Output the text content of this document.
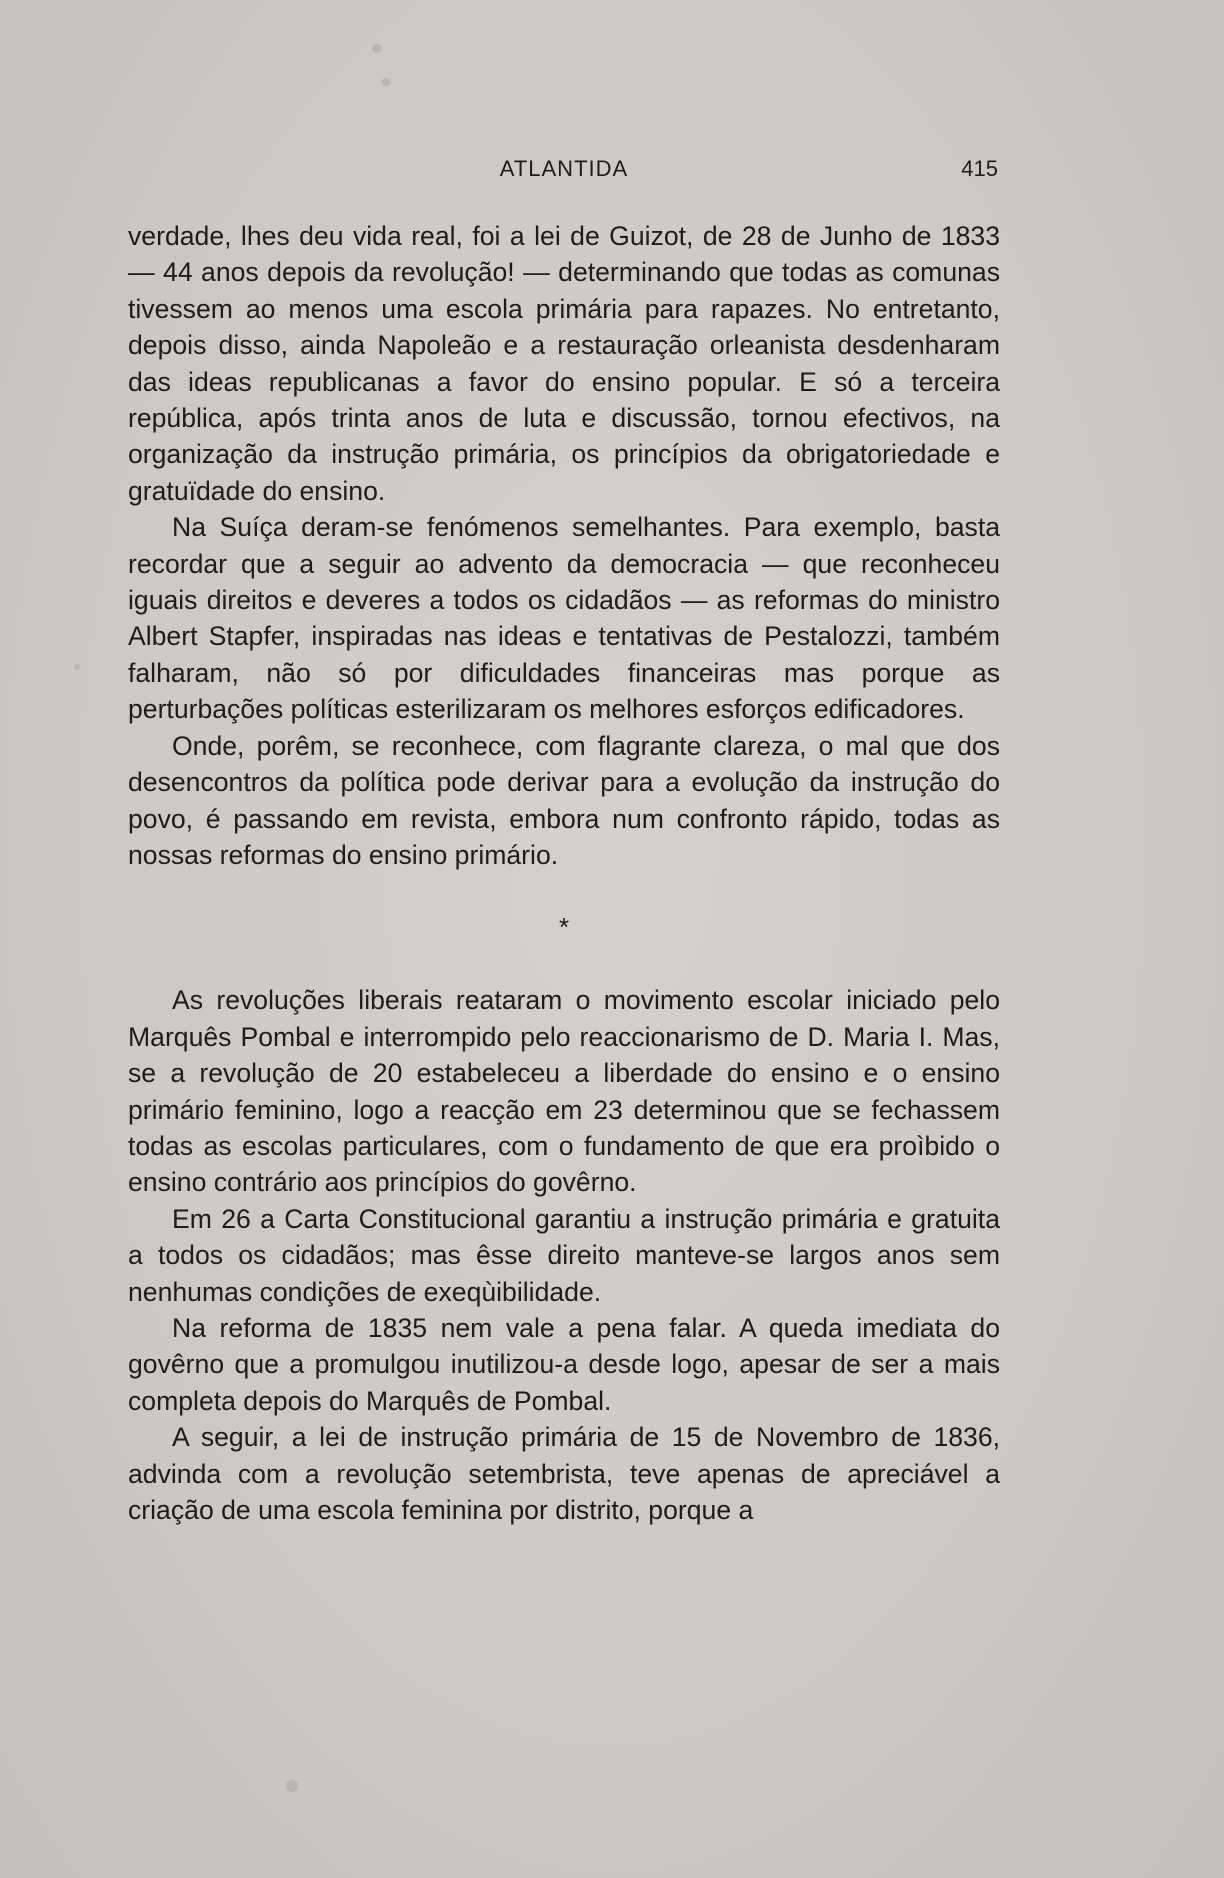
ATLANTIDA	415

verdade, lhes deu vida real, foi a lei de Guizot, de 28 de Junho de 1833 — 44 anos depois da revolução! — determinando que todas as comunas tivessem ao menos uma escola primária para rapazes. No entretanto, depois disso, ainda Napoleão e a restauração orleanista desdenharam das ideas republicanas a favor do ensino popular. E só a terceira república, após trinta anos de luta e discussão, tornou efectivos, na organização da instrução primária, os princípios da obrigatoriedade e gratuïdade do ensino.

Na Suíça deram-se fenómenos semelhantes. Para exemplo, basta recordar que a seguir ao advento da democracia — que reconheceu iguais direitos e deveres a todos os cidadãos — as reformas do ministro Albert Stapfer, inspiradas nas ideas e tentativas de Pestalozzi, também falharam, não só por dificuldades financeiras mas porque as perturbações políticas esterilizaram os melhores esforços edificadores.

Onde, porêm, se reconhece, com flagrante clareza, o mal que dos desencontros da política pode derivar para a evolução da instrução do povo, é passando em revista, embora num confronto rápido, todas as nossas reformas do ensino primário.

*

As revoluções liberais reataram o movimento escolar iniciado pelo Marquês Pombal e interrompido pelo reaccionarismo de D. Maria I. Mas, se a revolução de 20 estabeleceu a liberdade do ensino e o ensino primário feminino, logo a reacção em 23 determinou que se fechassem todas as escolas particulares, com o fundamento de que era proìbido o ensino contrário aos princípios do govêrno.

Em 26 a Carta Constitucional garantiu a instrução primária e gratuita a todos os cidadãos; mas êsse direito manteve-se largos anos sem nenhumas condições de exeqùibilidade.

Na reforma de 1835 nem vale a pena falar. A queda imediata do govêrno que a promulgou inutilizou-a desde logo, apesar de ser a mais completa depois do Marquês de Pombal.

A seguir, a lei de instrução primária de 15 de Novembro de 1836, advinda com a revolução setembrista, teve apenas de apreciável a criação de uma escola feminina por distrito, porque a
